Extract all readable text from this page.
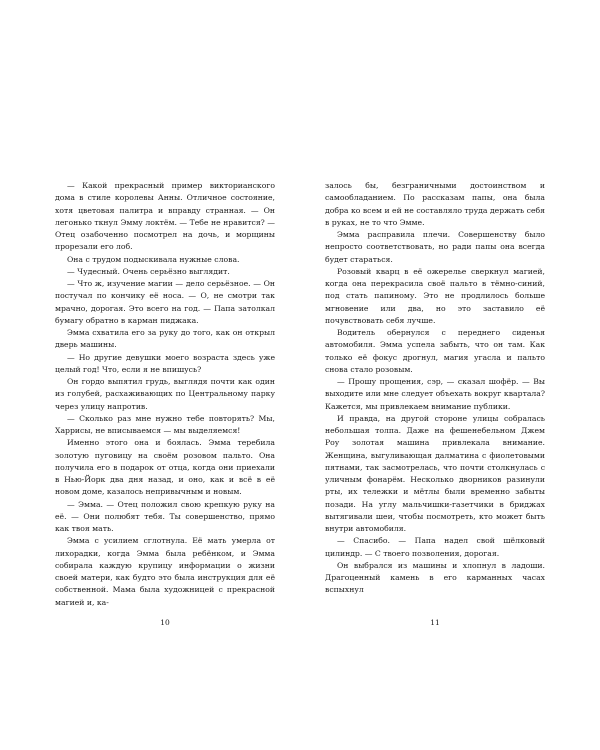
— Какой прекрасный пример викторианского дома в стиле королевы Анны. Отличное состояние, хотя цветовая палитра и вправду странная. — Он легонько ткнул Эмму локтём. — Тебе не нравится? — Отец озабоченно посмотрел на дочь, и морщины прорезали его лоб.

Она с трудом подыскивала нужные слова.

— Чудесный. Очень серьёзно выглядит.

— Что ж, изучение магии — дело серьёзное. — Он постучал по кончику её носа. — О, не смотри так мрачно, дорогая. Это всего на год. — Папа затолкал бумагу обратно в карман пиджака.

Эмма схватила его за руку до того, как он открыл дверь машины.

— Но другие девушки моего возраста здесь уже целый год! Что, если я не впишусь?

Он гордо выпятил грудь, выглядя почти как один из голубей, расхаживающих по Центральному парку через улицу напротив.

— Сколько раз мне нужно тебе повторять? Мы, Харрисы, не вписываемся — мы выделяемся!

Именно этого она и боялась. Эмма теребила золотую пуговицу на своём розовом пальто. Она получила его в подарок от отца, когда они приехали в Нью-Йорк два дня назад, и оно, как и всё в её новом доме, казалось непривычным и новым.

— Эмма. — Отец положил свою крепкую руку на её. — Они полюбят тебя. Ты совершенство, прямо как твоя мать.

Эмма с усилием сглотнула. Её мать умерла от лихорадки, когда Эмма была ребёнком, и Эмма собирала каждую крупицу информации о жизни своей матери, как будто это была инструкция для её собственной. Мама была художницей с прекрасной магией и, ка-

10

залось бы, безграничными достоинством и самообладанием. По рассказам папы, она была добра ко всем и ей не составляло труда держать себя в руках, не то что Эмме.

Эмма расправила плечи. Совершенству было непросто соответствовать, но ради папы она всегда будет стараться.

Розовый кварц в её ожерелье сверкнул магией, когда она перекрасила своё пальто в тёмно-синий, под стать папиному. Это не продлилось больше мгновение или два, но это заставило её почувствовать себя лучше.

Водитель обернулся с переднего сиденья автомобиля. Эмма успела забыть, что он там. Как только её фокус дрогнул, магия угасла и пальто снова стало розовым.

— Прошу прощения, сэр, — сказал шофёр. — Вы выходите или мне следует объехать вокруг квартала? Кажется, мы привлекаем внимание публики.

И правда, на другой стороне улицы собралась небольшая толпа. Даже на фешенебельном Джем Роу золотая машина привлекала внимание. Женщина, выгуливающая далматина с фиолетовыми пятнами, так засмотрелась, что почти столкнулась с уличным фонарём. Несколько дворников разинули рты, их тележки и мётлы были временно забыты позади. На углу мальчишки-газетчики в бриджах вытягивали шеи, чтобы посмотреть, кто может быть внутри автомобиля.

— Спасибо. — Папа надел свой шёлковый цилиндр. — С твоего позволения, дорогая.

Он выбрался из машины и хлопнул в ладоши. Драгоценный камень в его карманных часах вспыхнул

11
